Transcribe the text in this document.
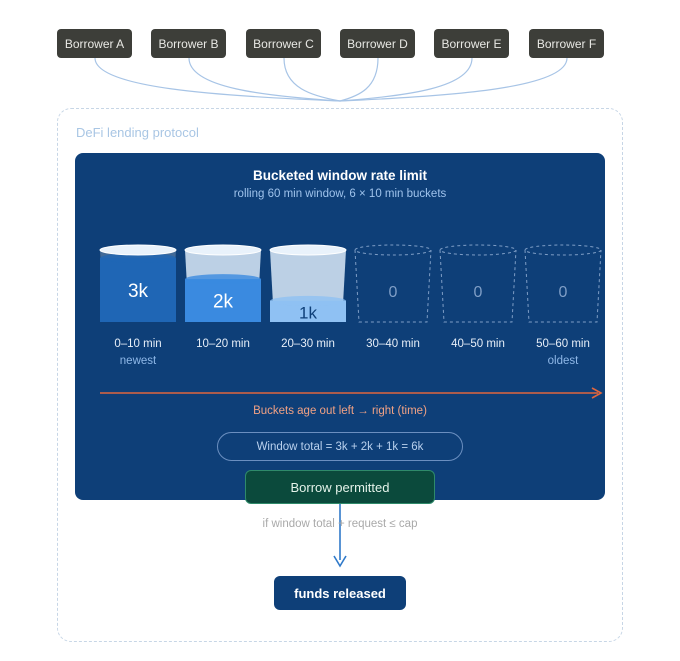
DeFi lending protocol
Bucketed window rate limit
rolling 60 min window, 6 × 10 min buckets
Borrower A	Borrower B	Borrower C	Borrower D	Borrower E	Borrower F
3k
2k
1k
0	0	0
0–10 min	10–20 min	20–30 min	30–40 min	40–50 min	50–60 min
newest	oldest
Buckets age out left → right (time)
Window total = 3k + 2k + 1k = 6k
Borrow permitted
if window total + request ≤ cap
funds released
